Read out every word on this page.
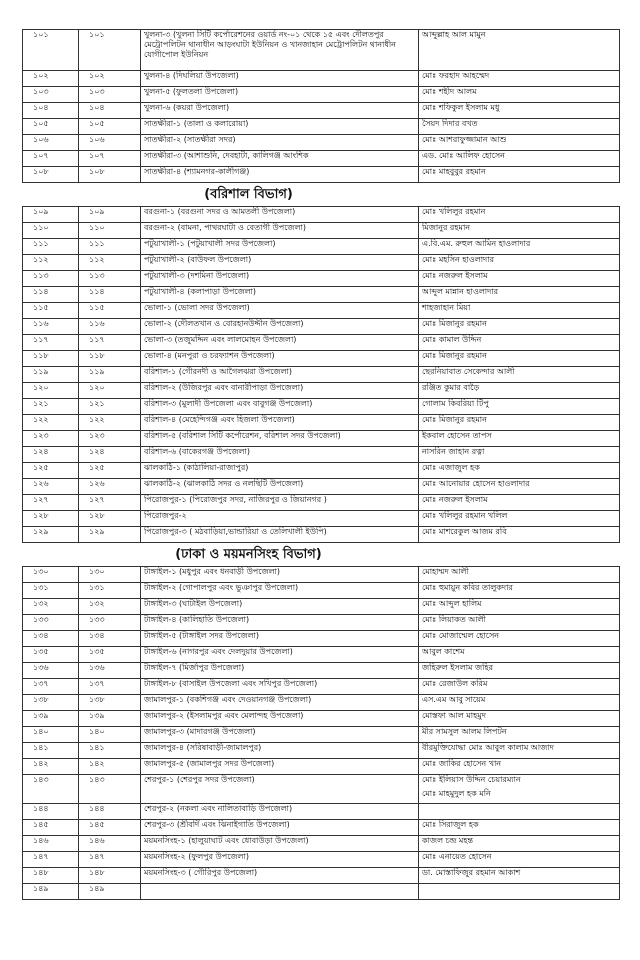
১০১	১০১	খুলনা-৩ (খুলনা সিটি কর্পোরেশনের ওয়ার্ড নং-০১ থেকে ১৫ এবং দৌলতপুর মেট্রোপলিটন থানাধীন আড়ংঘাটা ইউনিয়ন ও খানজাহান মেট্রোপলিটন থানাধীন যোগীপোল ইউনিয়ন	আব্দুল্লাহ আল মামুন
১০২	১০২	খুলনা-৪ (দিঘলিয়া উপজেলা)	মোঃ ফরহাদ আহম্মেদ
১০৩	১০৩	খুলনা-৫ (ফুলতলা উপজেলা)	মোঃ শহীদ আলম
১০৪	১০৪	খুলনা-৬ (কয়রা উপজেলা)	মোঃ শফিকুল ইসলাম মধু
১০৫	১০৫	সাতক্ষীরা-১ (তালা ও কলারোয়া)	সৈয়দ দিদার বখত
১০৬	১০৬	সাতক্ষীরা-২ (সাতক্ষীরা সদর)	মোঃ আশরাফুজ্জামান আশু
১০৭	১০৭	সাতক্ষীরা-৩ (আশাশুনি, দেবহাটা, কালিগঞ্জ আংশিক	এড. মোঃ আলিফ হোসেন
১০৮	১০৮	সাতক্ষীরা-৪ (শ্যামনগর-কালীগঞ্জ)	মোঃ মাহবুবুর রহমান
	(বরিশাল বিভাগ)		
১০৯	১০৯	বরগুনা-১ (বরগুনা সদর ও আমতলী উপজেলা)	মোঃ খলিলুর রহমান
১১০	১১০	বরগুনা-২ (বামনা, পাথরঘাটা ও বেতাগী উপজেলা)	মিজানুর রহমান
১১১	১১১	পটুয়াখালী-১ (পটুয়াখালী সদর উপজেলা)	এ.বি.এম. রুহুল আমিন হাওলাদার
১১২	১১২	পটুয়াখালী-২ (বাউফল উপজেলা)	মোঃ মহসিন হাওলাদার
১১৩	১১৩	পটুয়াখালী-৩ (দশমিনা উপজেলা)	মোঃ নজরুল ইসলাম
১১৪	১১৪	পটুয়াখালী-৪ (কলাপাড়া উপজেলা)	আব্দুল মান্নান হাওলাদার
১১৫	১১৫	ভোলা-১ (ভোলা সদর উপজেলা)	শাহজাহান মিয়া
১১৬	১১৬	ভোলা-২ (দৌলতখান ও বোরহানউদ্দীন উপজেলা)	মোঃ মিজানুর রহমান
১১৭	১১৭	ভোলা-৩ (তজুমদ্দিন এবং লালমোহন উপজেলা)	মোঃ কামাল উদ্দিন
১১৮	১১৮	ভোলা-৪ (মনপুরা ও চরফ্যাশন উপজেলা)	মোঃ মিজানুর রহমান
১১৯	১১৯	বরিশাল-১ (গৌরনদী ও আগৈলঝরা উপজেলা)	ছেরনিয়াবাত সেকেন্দার আলী
১২০	১২০	বরিশাল-২ (উজিরপুর এবং বানারীপাড়া উপজেলা)	রঞ্জিত কুমার বাড়ৈ
১২১	১২১	বরিশাল-৩ (মুলাদী উপজেলা এবং বাবুগঞ্জ উপজেলা)	গোলাম কিবরিয়া টিপু
১২২	১২২	বরিশাল-৪ (মেহেন্দিগঞ্জ এবং হিজলা উপজেলা)	মোঃ মিজানুর রহমান
১২৩	১২৩	বরিশাল-৫ (বরিশাল সিটি কর্পোরেশন, বরিশাল সদর উপজেলা)	ইকবাল হোসেন তাপস
১২৪	১২৪	বরিশাল-৬ (বাকেরগঞ্জ উপজেলা)	নাসরিন জাহান রত্না
১২৫	১২৫	ঝালকাঠি-১ (কাঠালিয়া-রাজাপুর)	মোঃ এজাজুল হক
১২৬	১২৬	ঝালকাঠি-২ (ঝালকাঠি সদর ও নলছিটি উপজেলা)	মোঃ আনোয়ার হোসেন হাওলাদার
১২৭	১২৭	পিরোজপুর-১ (পিরোজপুর সদর, নাজিরপুর ও জিয়ানগর )	মোঃ নজরুল ইসলাম
১২৮	১২৮	পিরোজপুর-২	মোঃ খলিলুর রহমান খলিল
১২৯	১২৯	পিরোজপুর-৩ ( মঠবাড়িয়া,ভান্ডারিয়া ও তেলিখালী ইউপি)	মোঃ মাশরেকুল আজম রবি
	(ঢাকা ও ময়মনসিংহ বিভাগ)		
১৩০	১৩০	টাঙ্গাইল-১ (মধুপুর এবং ধনবাড়ী উপজেলা)	মোহাম্মদ আলী
১৩১	১৩১	টাঙ্গাইল-২ (গোপালপুর এবং ভুঞাপুর উপজেলা)	মোঃ হুমায়ুন কবির তালুকদার
১৩২	১৩২	টাঙ্গাইল-৩ (ঘাটাইল উপজেলা)	মোঃ আব্দুল হালিম
১৩৩	১৩৩	টাঙ্গাইল-৪ (কালিহাতি উপজেলা)	মোঃ লিয়াকত আলী
১৩৪	১৩৪	টাঙ্গাইল-৫ (টাঙ্গাইল সদর উপজেলা)	মোঃ মোজাম্মেল হোসেন
১৩৫	১৩৫	টাঙ্গাইল-৬ (নাগরপুর এবং দেলদুয়ার উপজেলা)	আবুল কাশেম
১৩৬	১৩৬	টাঙ্গাইল-৭ (মির্জাপুর উপজেলা)	জহিরুল ইসলাম জহির
১৩৭	১৩৭	টাঙ্গাইল-৮ (বাসাইল উপজেলা এবং সখিপুর উপজেলা)	মোঃ রেজাউল করিম
১৩৮	১৩৮	জামালপুর-১ (বকশিগঞ্জ এবং দেওয়ানগঞ্জ উপজেলা)	এস.এম আবু সায়েম
১৩৯	১৩৯	জামালপুর-২ (ইসলামপুর এবং মেলান্দহ উপজেলা)	মোস্তফা আল মাহমুদ
১৪০	১৪০	জামালপুর-৩ (মাদারগঞ্জ উপজেলা)	মীর সামসুল আলম লিপটন
১৪১	১৪১	জামালপুর-৪ (সরিষাবাড়ী-জামালপুর)	বীরমুক্তিযোদ্ধা মোঃ আবুল কালাম আজাদ
১৪২	১৪২	জামালপুর-৫ (জামালপুর সদর উপজেলা)	মোঃ জাকির হোসেন খান
১৪৩	১৪৩	শেরপুর-১ (শেরপুর সদর উপজেলা)	মোঃ ইলিয়াস উদ্দিন চেয়ারম্যান
মোঃ মাহমুদুল হক মনি

১৪৪	১৪৪	শেরপুর-২ (নকলা এবং নালিতাবাড়ি উপজেলা)	
১৪৫	১৪৫	শেরপুর-৩ (শ্রীবর্দি এবং ঝিনাইগাতি উপজেলা)	মোঃ সিরাজুল হক
১৪৬	১৪৬	ময়মনসিংহ-১ (হালুয়াঘাট এবং ধোবাউড়া উপজেলা)	কাজল চন্দ্র মহন্ত
১৪৭	১৪৭	ময়মনসিংহ-২ (ফুলপুর উপজেলা)	মোঃ এনায়েত হোসেন
১৪৮	১৪৮	ময়মনসিংহ-৩ ( গৌরিপুর উপজেলা)	ডা. মোস্তাফিজুর রহমান আকাশ
১৪৯	১৪৯		
